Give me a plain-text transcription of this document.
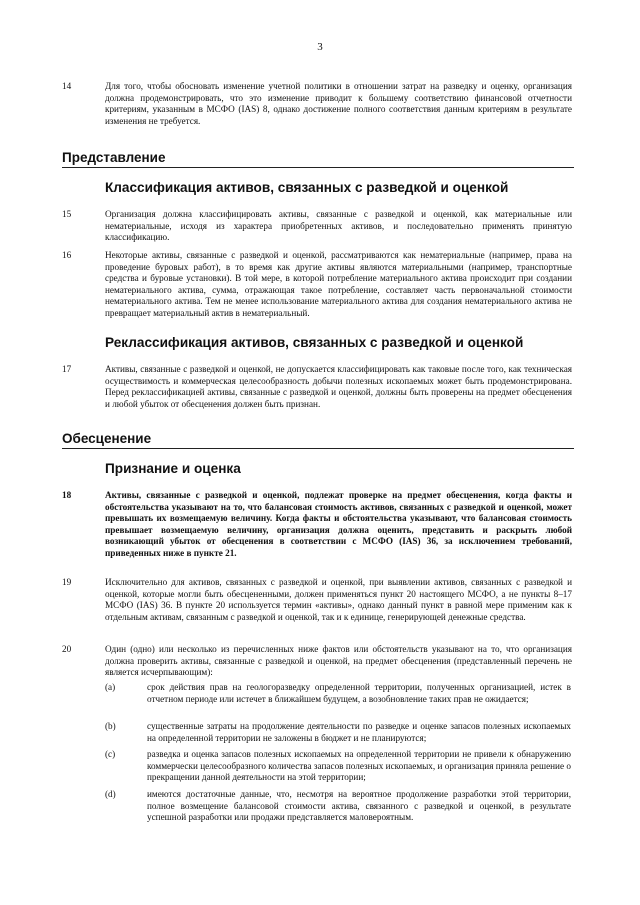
3
14	Для того, чтобы обосновать изменение учетной политики в отношении затрат на разведку и оценку, организация должна продемонстрировать, что это изменение приводит к большему соответствию финансовой отчетности критериям, указанным в МСФО (IAS) 8, однако достижение полного соответствия данным критериям в результате изменения не требуется.
Представление
Классификация активов, связанных с разведкой и оценкой
15	Организация должна классифицировать активы, связанные с разведкой и оценкой, как материальные или нематериальные, исходя из характера приобретенных активов, и последовательно применять принятую классификацию.
16	Некоторые активы, связанные с разведкой и оценкой, рассматриваются как нематериальные (например, права на проведение буровых работ), в то время как другие активы являются материальными (например, транспортные средства и буровые установки). В той мере, в которой потребление материального актива происходит при создании нематериального актива, сумма, отражающая такое потребление, составляет часть первоначальной стоимости нематериального актива. Тем не менее использование материального актива для создания нематериального актива не превращает материальный актив в нематериальный.
Реклассификация активов, связанных с разведкой и оценкой
17	Активы, связанные с разведкой и оценкой, не допускается классифицировать как таковые после того, как техническая осуществимость и коммерческая целесообразность добычи полезных ископаемых может быть продемонстрирована. Перед реклассификацией активы, связанные с разведкой и оценкой, должны быть проверены на предмет обесценения и любой убыток от обесценения должен быть признан.
Обесценение
Признание и оценка
18	Активы, связанные с разведкой и оценкой, подлежат проверке на предмет обесценения, когда факты и обстоятельства указывают на то, что балансовая стоимость активов, связанных с разведкой и оценкой, может превышать их возмещаемую величину. Когда факты и обстоятельства указывают, что балансовая стоимость превышает возмещаемую величину, организация должна оценить, представить и раскрыть любой возникающий убыток от обесценения в соответствии с МСФО (IAS) 36, за исключением требований, приведенных ниже в пункте 21.
19	Исключительно для активов, связанных с разведкой и оценкой, при выявлении активов, связанных с разведкой и оценкой, которые могли быть обесцененными, должен применяться пункт 20 настоящего МСФО, а не пункты 8–17 МСФО (IAS) 36. В пункте 20 используется термин «активы», однако данный пункт в равной мере применим как к отдельным активам, связанным с разведкой и оценкой, так и к единице, генерирующей денежные средства.
20	Один (одно) или несколько из перечисленных ниже фактов или обстоятельств указывают на то, что организация должна проверить активы, связанные с разведкой и оценкой, на предмет обесценения (представленный перечень не является исчерпывающим):
(a)	срок действия прав на геологоразведку определенной территории, полученных организацией, истек в отчетном периоде или истечет в ближайшем будущем, а возобновление таких прав не ожидается;
(b)	существенные затраты на продолжение деятельности по разведке и оценке запасов полезных ископаемых на определенной территории не заложены в бюджет и не планируются;
(c)	разведка и оценка запасов полезных ископаемых на определенной территории не привели к обнаружению коммерчески целесообразного количества запасов полезных ископаемых, и организация приняла решение о прекращении данной деятельности на этой территории;
(d)	имеются достаточные данные, что, несмотря на вероятное продолжение разработки этой территории, полное возмещение балансовой стоимости актива, связанного с разведкой и оценкой, в результате успешной разработки или продажи представляется маловероятным.
